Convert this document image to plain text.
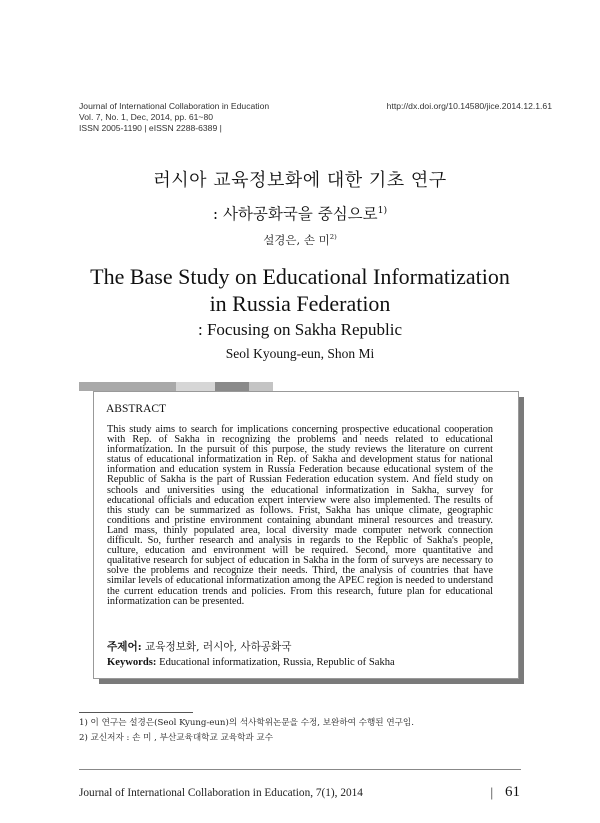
Journal of International Collaboration in Education
Vol. 7, No. 1, Dec, 2014, pp. 61~80
ISSN 2005-1190 | eISSN 2288-6389 |
http://dx.doi.org/10.14580/jice.2014.12.1.61
러시아 교육정보화에 대한 기초 연구
: 사하공화국을 중심으로$^{1)}$
설경은, 손 미$^{2)}$
The Base Study on Educational Informatization
in Russia Federation
: Focusing on Sakha Republic
Seol Kyoung-eun, Shon Mi
ABSTRACT
This study aims to search for implications concerning prospective educational cooperation with Rep. of Sakha in recognizing the problems and needs related to educational informatization. In the pursuit of this purpose, the study reviews the literature on current status of educational informatization in Rep. of Sakha and development status for national information and education system in Russia Federation because educational system of the Republic of Sakha is the part of Russian Federation education system. And field study on schools and universities using the educational informatization in Sakha, survey for educational officials and education expert interview were also implemented. The results of this study can be summarized as follows. Frist, Sakha has unique climate, geographic conditions and pristine environment containing abundant mineral resources and treasury. Land mass, thinly populated area, local diversity made computer network connection difficult. So, further research and analysis in regards to the Repblic of Sakha's people, culture, education and environment will be required. Second, more quantitative and qualitative research for subject of education in Sakha in the form of surveys are necessary to solve the problems and recognize their needs. Third, the analysis of countries that have similar levels of educational informatization among the APEC region is needed to understand the current education trends and policies. From this research, future plan for educational informatization can be presented.
주제어: 교육정보화, 러시아, 사하공화국
Keywords: Educational informatization, Russia, Republic of Sakha
1) 이 연구는 설경은(Seol Kyung-eun)의 석사학위논문을 수정, 보완하여 수행된 연구임.
2) 교신저자 : 손 미 , 부산교육대학교 교육학과 교수
Journal of International Collaboration in Education, 7(1), 2014	| 61
